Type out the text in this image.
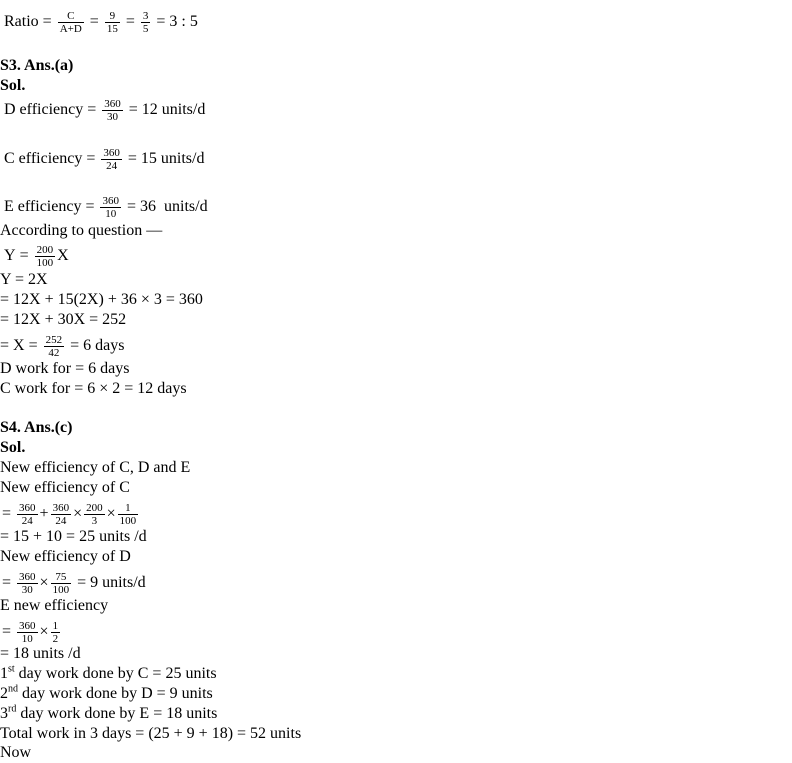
Ratio = $\frac{C}{A+D} = \frac{9}{15} = \frac{3}{5} = 3$ : 5
S3. Ans.(a)
Sol.
D efficiency = $\frac{360}{30} = 12$ units/d
C efficiency = $\frac{360}{24} = 15$ units/d
E efficiency = $\frac{360}{10} = 36$  units/d
According to question —
$Y = \frac{200}{100}$ X
Y = 2X
= 12X + 15(2X) + 36 × 3 = 360
= 12X + 30X = 252
= $X = \frac{252}{42} = 6$ days
D work for = 6 days
C work for = 6 × 2 = 12 days
S4. Ans.(c)
Sol.
New efficiency of C, D and E
New efficiency of C
= $\frac{360}{24} + \frac{360}{24} \times \frac{200}{3} \times \frac{1}{100}$
= 15 + 10 = 25 units /d
New efficiency of D
= $\frac{360}{30} \times \frac{75}{100} = 9$ units/d
E new efficiency
= $\frac{360}{10} \times \frac{1}{2}$
= 18 units /d
1st day work done by C = 25 units
2nd day work done by D = 9 units
3rd day work done by E = 18 units
Total work in 3 days = (25 + 9 + 18) = 52 units
Now
